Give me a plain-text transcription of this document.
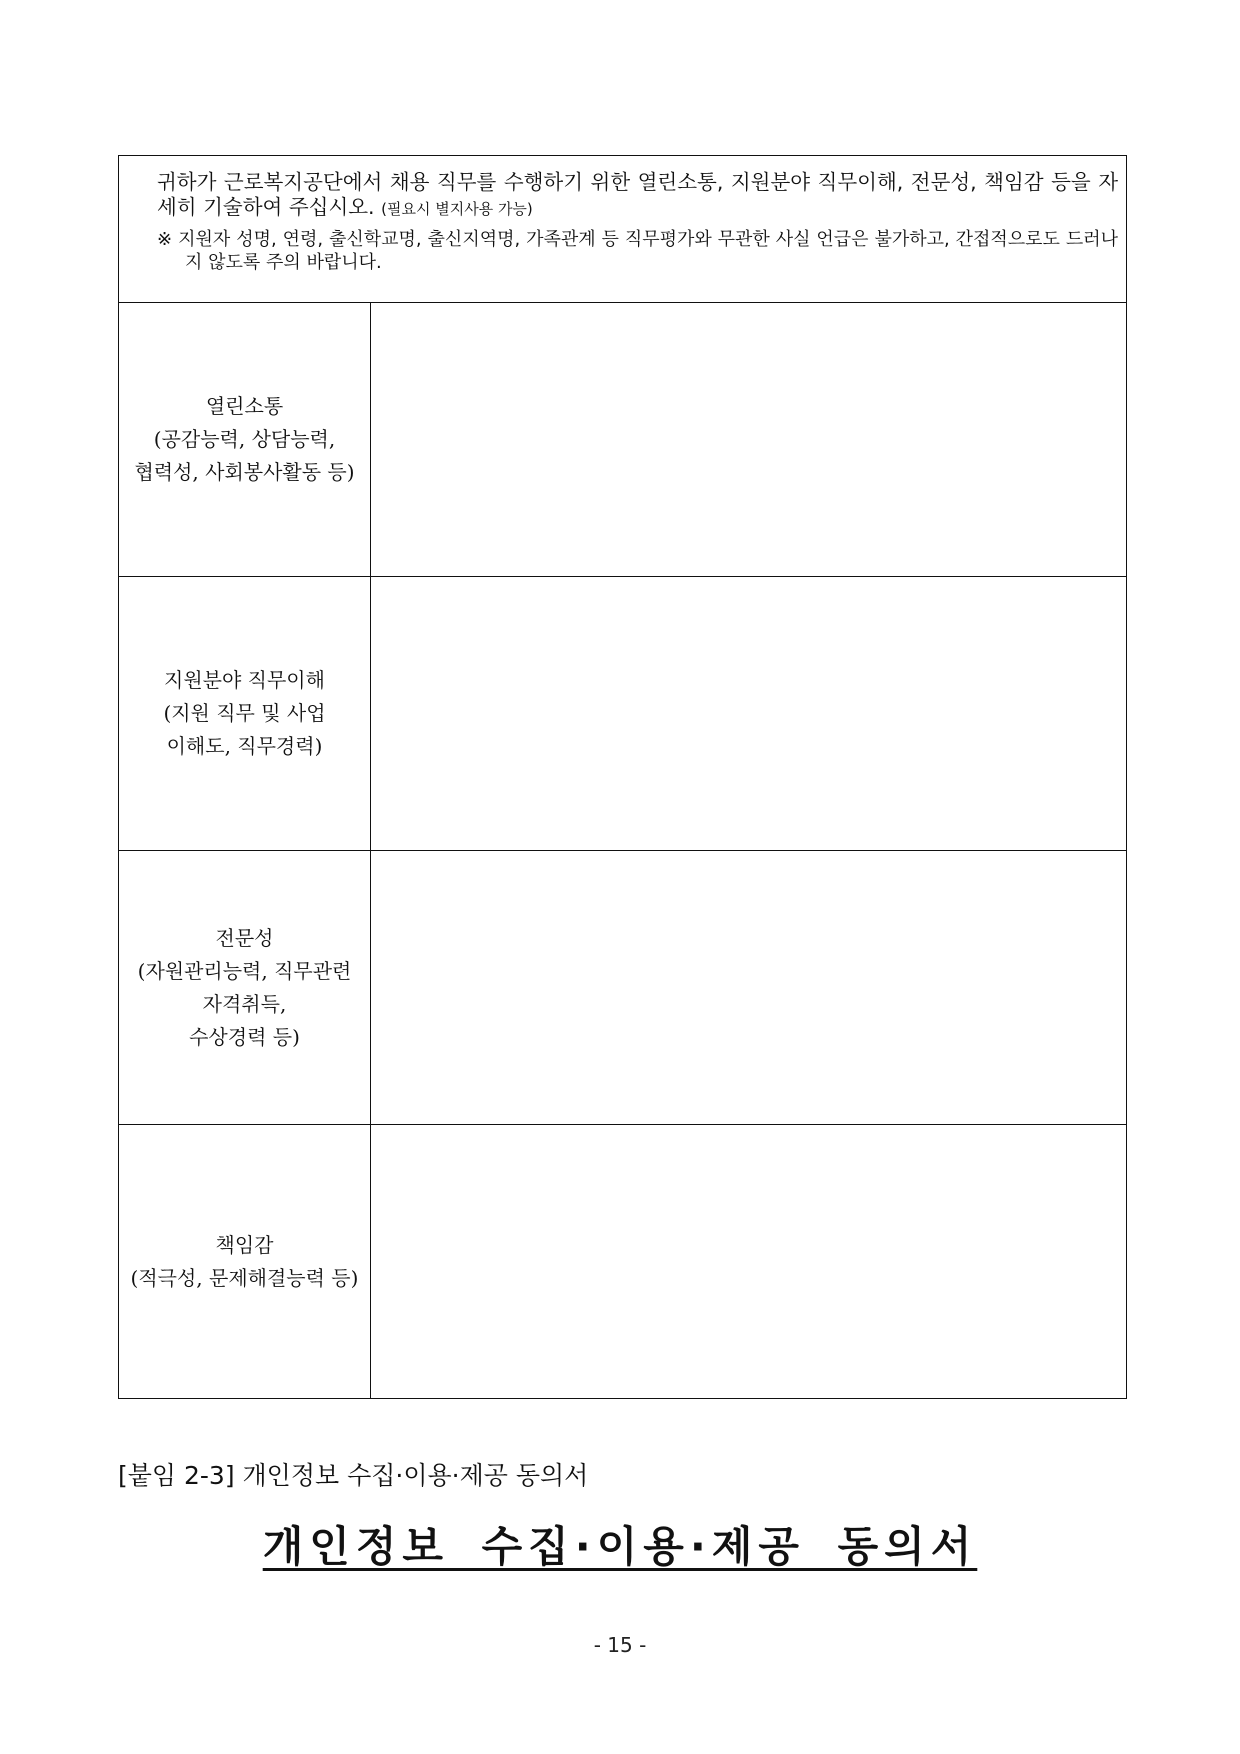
귀하가 근로복지공단에서 채용 직무를 수행하기 위한 열린소통, 지원분야 직무이해, 전문성, 책임감 등을 자세히 기술하여 주십시오. (필요시 별지사용 가능)
※ 지원자 성명, 연령, 출신학교명, 출신지역명, 가족관계 등 직무평가와 무관한 사실 언급은 불가하고, 간접적으로도 드러나지 않도록 주의 바랍니다.	

열린소통
(공감능력, 상담능력,
협력성, 사회봉사활동 등)

지원분야 직무이해
(지원 직무 및 사업
이해도, 직무경력)

전문성
(자원관리능력, 직무관련
자격취득,
수상경력 등)

책임감
(적극성, 문제해결능력 등)

[붙임 2-3] 개인정보 수집·이용·제공 동의서
개인정보 수집·이용·제공 동의서
- 15 -
